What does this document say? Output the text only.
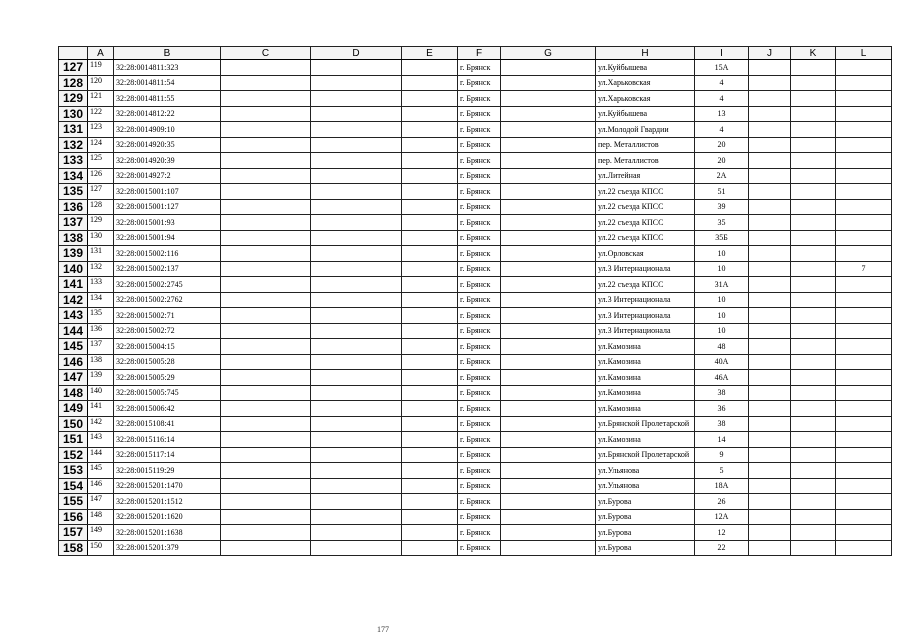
	A	B	C	D	E	F	G	H	I	J	K	L
127	119	32:28:0014811:323				г. Брянск		ул.Куйбышева	15А			
128	120	32:28:0014811:54				г. Брянск		ул.Харьковская	4			
129	121	32:28:0014811:55				г. Брянск		ул.Харьковская	4			
130	122	32:28:0014812:22				г. Брянск		ул.Куйбышева	13			
131	123	32:28:0014909:10				г. Брянск		ул.Молодой Гвардии	4			
132	124	32:28:0014920:35				г. Брянск		пер. Металлистов	20			
133	125	32:28:0014920:39				г. Брянск		пер. Металлистов	20			
134	126	32:28:0014927:2				г. Брянск		ул.Литейная	2А			
135	127	32:28:0015001:107				г. Брянск		ул.22 съезда КПСС	51			
136	128	32:28:0015001:127				г. Брянск		ул.22 съезда КПСС	39			
137	129	32:28:0015001:93				г. Брянск		ул.22 съезда КПСС	35			
138	130	32:28:0015001:94				г. Брянск		ул.22 съезда КПСС	35Б			
139	131	32:28:0015002:116				г. Брянск		ул.Орловская	10			
140	132	32:28:0015002:137				г. Брянск		ул.3 Интернационала	10			7
141	133	32:28:0015002:2745				г. Брянск		ул.22 съезда КПСС	31А			
142	134	32:28:0015002:2762				г. Брянск		ул.3 Интернационала	10			
143	135	32:28:0015002:71				г. Брянск		ул.3 Интернационала	10			
144	136	32:28:0015002:72				г. Брянск		ул.3 Интернационала	10			
145	137	32:28:0015004:15				г. Брянск		ул.Камозина	48			
146	138	32:28:0015005:28				г. Брянск		ул.Камозина	40А			
147	139	32:28:0015005:29				г. Брянск		ул.Камозина	46А			
148	140	32:28:0015005:745				г. Брянск		ул.Камозина	38			
149	141	32:28:0015006:42				г. Брянск		ул.Камозина	36			
150	142	32:28:0015108:41				г. Брянск		ул.Брянской Пролетарской	38			
151	143	32:28:0015116:14				г. Брянск		ул.Камозина	14			
152	144	32:28:0015117:14				г. Брянск		ул.Брянской Пролетарской	9			
153	145	32:28:0015119:29				г. Брянск		ул.Ульянова	5			
154	146	32:28:0015201:1470				г. Брянск		ул.Ульянова	18А			
155	147	32:28:0015201:1512				г. Брянск		ул.Бурова	26			
156	148	32:28:0015201:1620				г. Брянск		ул.Бурова	12А			
157	149	32:28:0015201:1638				г. Брянск		ул.Бурова	12			
158	150	32:28:0015201:379				г. Брянск		ул.Бурова	22			
177
